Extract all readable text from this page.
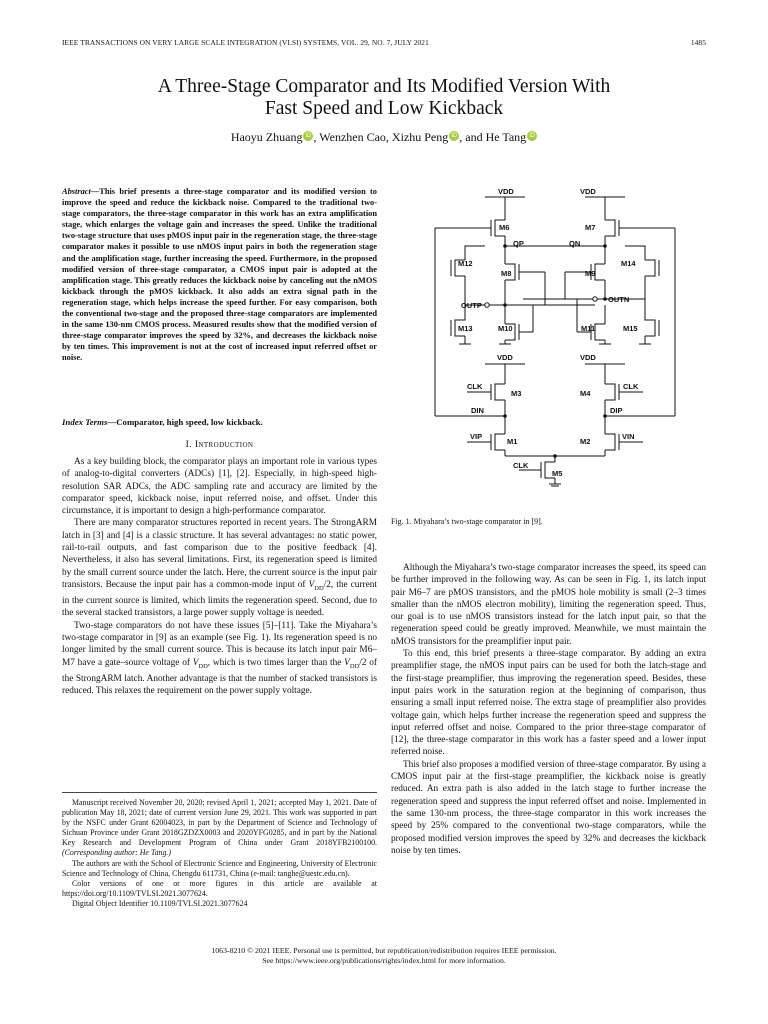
IEEE TRANSACTIONS ON VERY LARGE SCALE INTEGRATION (VLSI) SYSTEMS, VOL. 29, NO. 7, JULY 2021	1485
A Three-Stage Comparator and Its Modified Version With
Fast Speed and Low Kickback
Haoyu Zhuang iD , Wenzhen Cao, Xizhu Peng iD , and He Tang iD
Abstract—This brief presents a three-stage comparator and its modified version to improve the speed and reduce the kickback noise. Compared to the traditional two-stage comparators, the three-stage comparator in this work has an extra amplification stage, which enlarges the voltage gain and increases the speed. Unlike the traditional two-stage structure that uses pMOS input pair in the regeneration stage, the three-stage comparator makes it possible to use nMOS input pairs in both the regeneration stage and the amplification stage, further increasing the speed. Furthermore, in the proposed modified version of three-stage comparator, a CMOS input pair is adopted at the amplification stage. This greatly reduces the kickback noise by canceling out the nMOS kickback through the pMOS kickback. It also adds an extra signal path in the regeneration stage, which helps increase the speed further. For easy comparison, both the conventional two-stage and the proposed three-stage comparators are implemented in the same 130-nm CMOS process. Measured results show that the modified version of three-stage comparator improves the speed by 32%, and decreases the kickback noise by ten times. This improvement is not at the cost of increased input referred offset or noise.
Index Terms—Comparator, high speed, low kickback.
I. Introduction

As a key building block, the comparator plays an important role in various types of analog-to-digital converters (ADCs) [1], [2]. Especially, in high-speed high-resolution SAR ADCs, the ADC sampling rate and accuracy are limited by the comparator speed, kickback noise, input referred noise, and offset. Under this circumstance, it is important to design a high-performance comparator.

There are many comparator structures reported in recent years. The StrongARM latch in [3] and [4] is a classic structure. It has several advantages: no static power, rail-to-rail outputs, and fast comparison due to the positive feedback [4]. Nevertheless, it also has several limitations. First, its regeneration speed is limited by the small current source under the latch. Here, the current source is the input pair transistors. Because the input pair has a common-mode input of $V_{DD}/2$, the current in the current source is limited, which limits the regeneration speed. Second, due to the several stacked transistors, a large power supply voltage is needed.

Two-stage comparators do not have these issues [5]–[11]. Take the Miyahara’s two-stage comparator in [9] as an example (see Fig. 1). Its regeneration speed is no longer limited by the small current source. This is because its latch input pair M6–M7 have a gate–source voltage of $V_{DD}$, which is two times larger than the $V_{DD}/2$ of the StrongARM latch. Another advantage is that the number of stacked transistors is reduced. This relaxes the requirement on the power supply voltage.

Manuscript received November 20, 2020; revised April 1, 2021; accepted May 1, 2021. Date of publication May 18, 2021; date of current version June 29, 2021. This work was supported in part by the NSFC under Grant 62004023, in part by the Department of Science and Technology of Sichuan Province under Grant 2018GZDZX0003 and 2020YFG0285, and in part by the National Key Research and Development Program of China under Grant 2018YFB2100100. (Corresponding author: He Tang.)

The authors are with the School of Electronic Science and Engineering, University of Electronic Science and Technology of China, Chengdu 611731, China (e-mail: tanghe@uestc.edu.cn).

Color versions of one or more figures in this article are available at https://doi.org/10.1109/TVLSI.2021.3077624.

Digital Object Identifier 10.1109/TVLSI.2021.3077624

VDD	VDD
M6	M7
QP	QN
M12
M8	M9
M14
OUTP
OUTN
M13	M10	M11	M15
VDD	VDD
CLK
M3	M4
CLK
DIN	DIP
VIP
M1	M2
VIN
CLK
M5
Fig. 1. Miyahara’s two-stage comparator in [9].

Although the Miyahara’s two-stage comparator increases the speed, its speed can be further improved in the following way. As can be seen in Fig. 1, its latch input pair M6–7 are pMOS transistors, and the pMOS hole mobility is small (2–3 times smaller than the nMOS electron mobility), limiting the regeneration speed. Thus, our goal is to use nMOS transistors instead for the latch input pair, so that the regeneration speed could be greatly improved. Meanwhile, we must maintain the nMOS transistors for the preamplifier input pair.

To this end, this brief presents a three-stage comparator. By adding an extra preamplifier stage, the nMOS input pairs can be used for both the latch-stage and the first-stage preamplifier, thus improving the regeneration speed. Besides, these input pairs work in the saturation region at the beginning of comparison, thus ensuring a small input referred noise. The extra stage of preamplifier also provides voltage gain, which helps further increase the regeneration speed and suppress the input referred offset and noise. Compared to the prior three-stage comparator of [12], the three-stage comparator in this work has a faster speed and a lower input referred noise.

This brief also proposes a modified version of three-stage comparator. By using a CMOS input pair at the first-stage preamplifier, the kickback noise is greatly reduced. An extra path is also added in the latch stage to further increase the regeneration speed and suppress the input referred offset and noise. Implemented in the same 130-nm process, the three-stage comparator in this work increases the speed by 25% compared to the conventional two-stage comparators, while the proposed modified version improves the speed by 32% and decreases the kickback noise by ten times.

1063-8210 © 2021 IEEE. Personal use is permitted, but republication/redistribution requires IEEE permission.
See https://www.ieee.org/publications/rights/index.html for more information.
